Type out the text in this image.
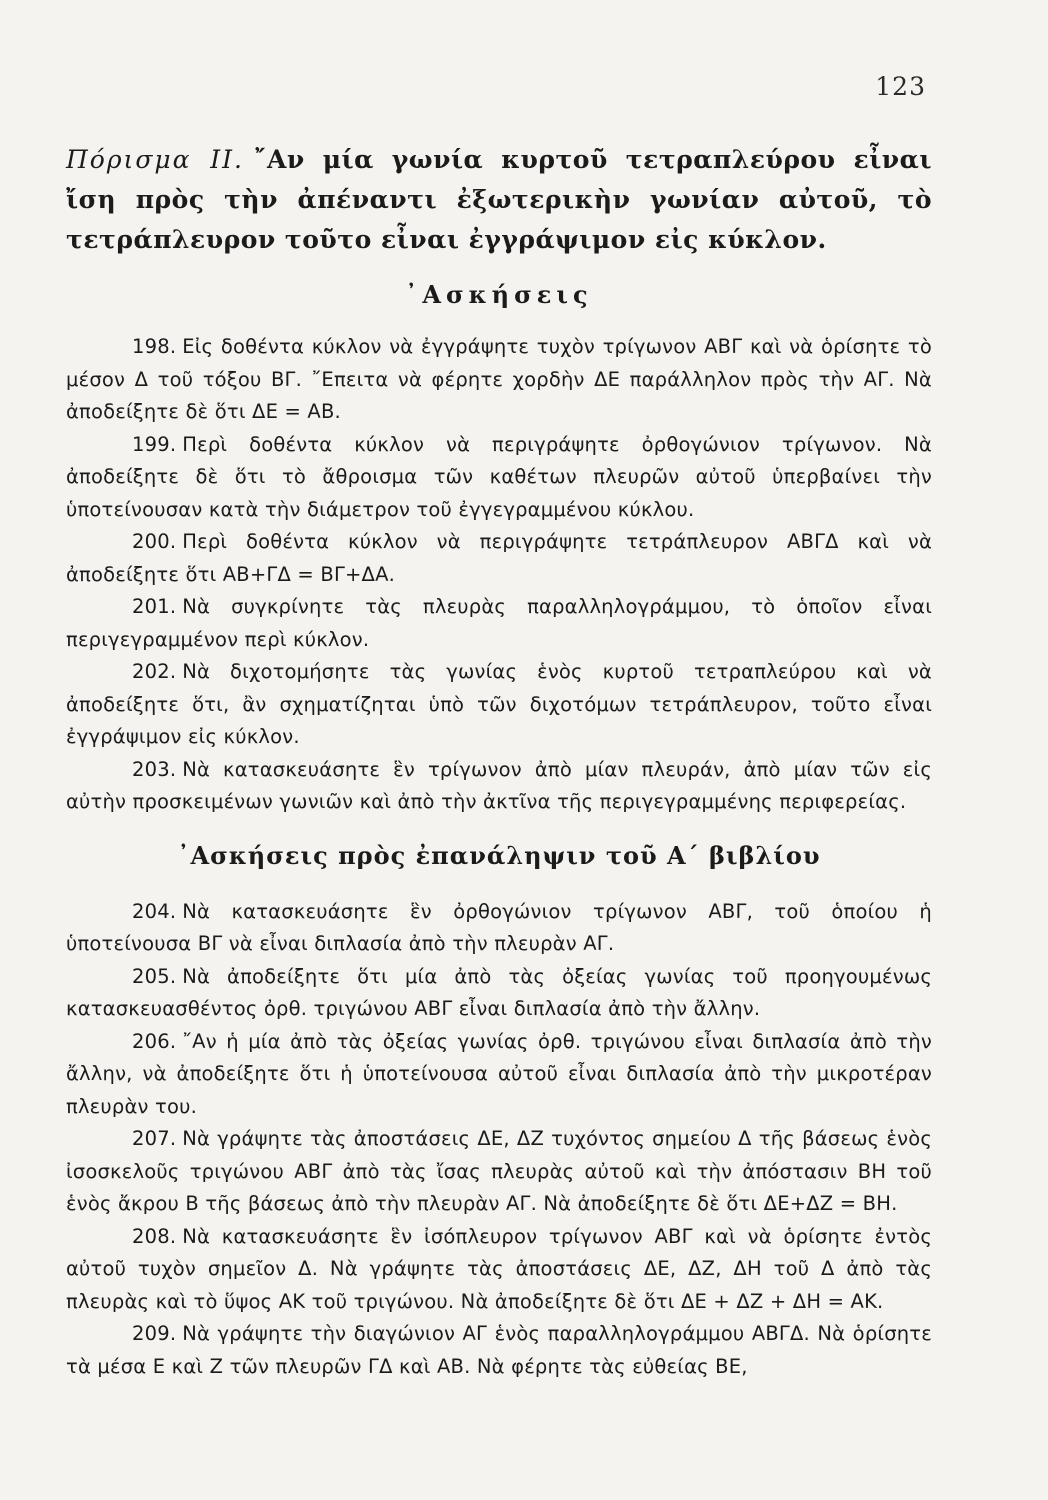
123

Πόρισμα ΙΙ. ῎Αν μία γωνία κυρτοῦ τετραπλεύρου εἶναι ἴση πρὸς τὴν ἀπέναντι ἐξωτερικὴν γωνίαν αὐτοῦ, τὸ τετράπλευρον τοῦτο εἶναι ἐγγράψιμον εἰς κύκλον.

᾿Ασκήσεις

198. Εἰς δοθέντα κύκλον νὰ ἐγγράψητε τυχὸν τρίγωνον ΑΒΓ καὶ νὰ ὁρίσητε τὸ μέσον Δ τοῦ τόξου ΒΓ. ῎Επειτα νὰ φέρητε χορδὴν ΔΕ παράλληλον πρὸς τὴν ΑΓ. Νὰ ἀποδείξητε δὲ ὅτι ΔΕ = ΑΒ.

199. Περὶ δοθέντα κύκλον νὰ περιγράψητε ὀρθογώνιον τρίγωνον. Νὰ ἀποδείξητε δὲ ὅτι τὸ ἄθροισμα τῶν καθέτων πλευρῶν αὐτοῦ ὑπερβαίνει τὴν ὑποτείνουσαν κατὰ τὴν διάμετρον τοῦ ἐγγεγραμμένου κύκλου.

200. Περὶ δοθέντα κύκλον νὰ περιγράψητε τετράπλευρον ΑΒΓΔ καὶ νὰ ἀποδείξητε ὅτι ΑΒ+ΓΔ = ΒΓ+ΔΑ.

201. Νὰ συγκρίνητε τὰς πλευρὰς παραλληλογράμμου, τὸ ὁποῖον εἶναι περιγεγραμμένον περὶ κύκλον.

202. Νὰ διχοτομήσητε τὰς γωνίας ἑνὸς κυρτοῦ τετραπλεύρου καὶ νὰ ἀποδείξητε ὅτι, ἂν σχηματίζηται ὑπὸ τῶν διχοτόμων τετράπλευρον, τοῦτο εἶναι ἐγγράψιμον εἰς κύκλον.

203. Νὰ κατασκευάσητε ἓν τρίγωνον ἀπὸ μίαν πλευράν, ἀπὸ μίαν τῶν εἰς αὐτὴν προσκειμένων γωνιῶν καὶ ἀπὸ τὴν ἀκτῖνα τῆς περιγεγραμμένης περιφερείας.

᾿Ασκήσεις πρὸς ἐπανάληψιν τοῦ Α΄ βιβλίου

204. Νὰ κατασκευάσητε ἓν ὀρθογώνιον τρίγωνον ΑΒΓ, τοῦ ὁποίου ἡ ὑποτείνουσα ΒΓ νὰ εἶναι διπλασία ἀπὸ τὴν πλευρὰν ΑΓ.

205. Νὰ ἀποδείξητε ὅτι μία ἀπὸ τὰς ὀξείας γωνίας τοῦ προηγουμένως κατασκευασθέντος ὀρθ. τριγώνου ΑΒΓ εἶναι διπλασία ἀπὸ τὴν ἄλλην.

206. ῎Αν ἡ μία ἀπὸ τὰς ὀξείας γωνίας ὀρθ. τριγώνου εἶναι διπλασία ἀπὸ τὴν ἄλλην, νὰ ἀποδείξητε ὅτι ἡ ὑποτείνουσα αὐτοῦ εἶναι διπλασία ἀπὸ τὴν μικροτέραν πλευρὰν του.

207. Νὰ γράψητε τὰς ἀποστάσεις ΔΕ, ΔΖ τυχόντος σημείου Δ τῆς βάσεως ἑνὸς ἰσοσκελοῦς τριγώνου ΑΒΓ ἀπὸ τὰς ἴσας πλευρὰς αὐτοῦ καὶ τὴν ἀπόστασιν ΒΗ τοῦ ἑνὸς ἄκρου Β τῆς βάσεως ἀπὸ τὴν πλευρὰν ΑΓ. Νὰ ἀποδείξητε δὲ ὅτι ΔΕ+ΔΖ = ΒΗ.

208. Νὰ κατασκευάσητε ἓν ἰσόπλευρον τρίγωνον ΑΒΓ καὶ νὰ ὁρίσητε ἐντὸς αὐτοῦ τυχὸν σημεῖον Δ. Νὰ γράψητε τὰς ἀποστάσεις ΔΕ, ΔΖ, ΔΗ τοῦ Δ ἀπὸ τὰς πλευρὰς καὶ τὸ ὕψος ΑΚ τοῦ τριγώνου. Νὰ ἀποδείξητε δὲ ὅτι ΔΕ + ΔΖ + ΔΗ = ΑΚ.

209. Νὰ γράψητε τὴν διαγώνιον ΑΓ ἑνὸς παραλληλογράμμου ΑΒΓΔ. Νὰ ὁρίσητε τὰ μέσα Ε καὶ Ζ τῶν πλευρῶν ΓΔ καὶ ΑΒ. Νὰ φέρητε τὰς εὐθείας ΒΕ,
